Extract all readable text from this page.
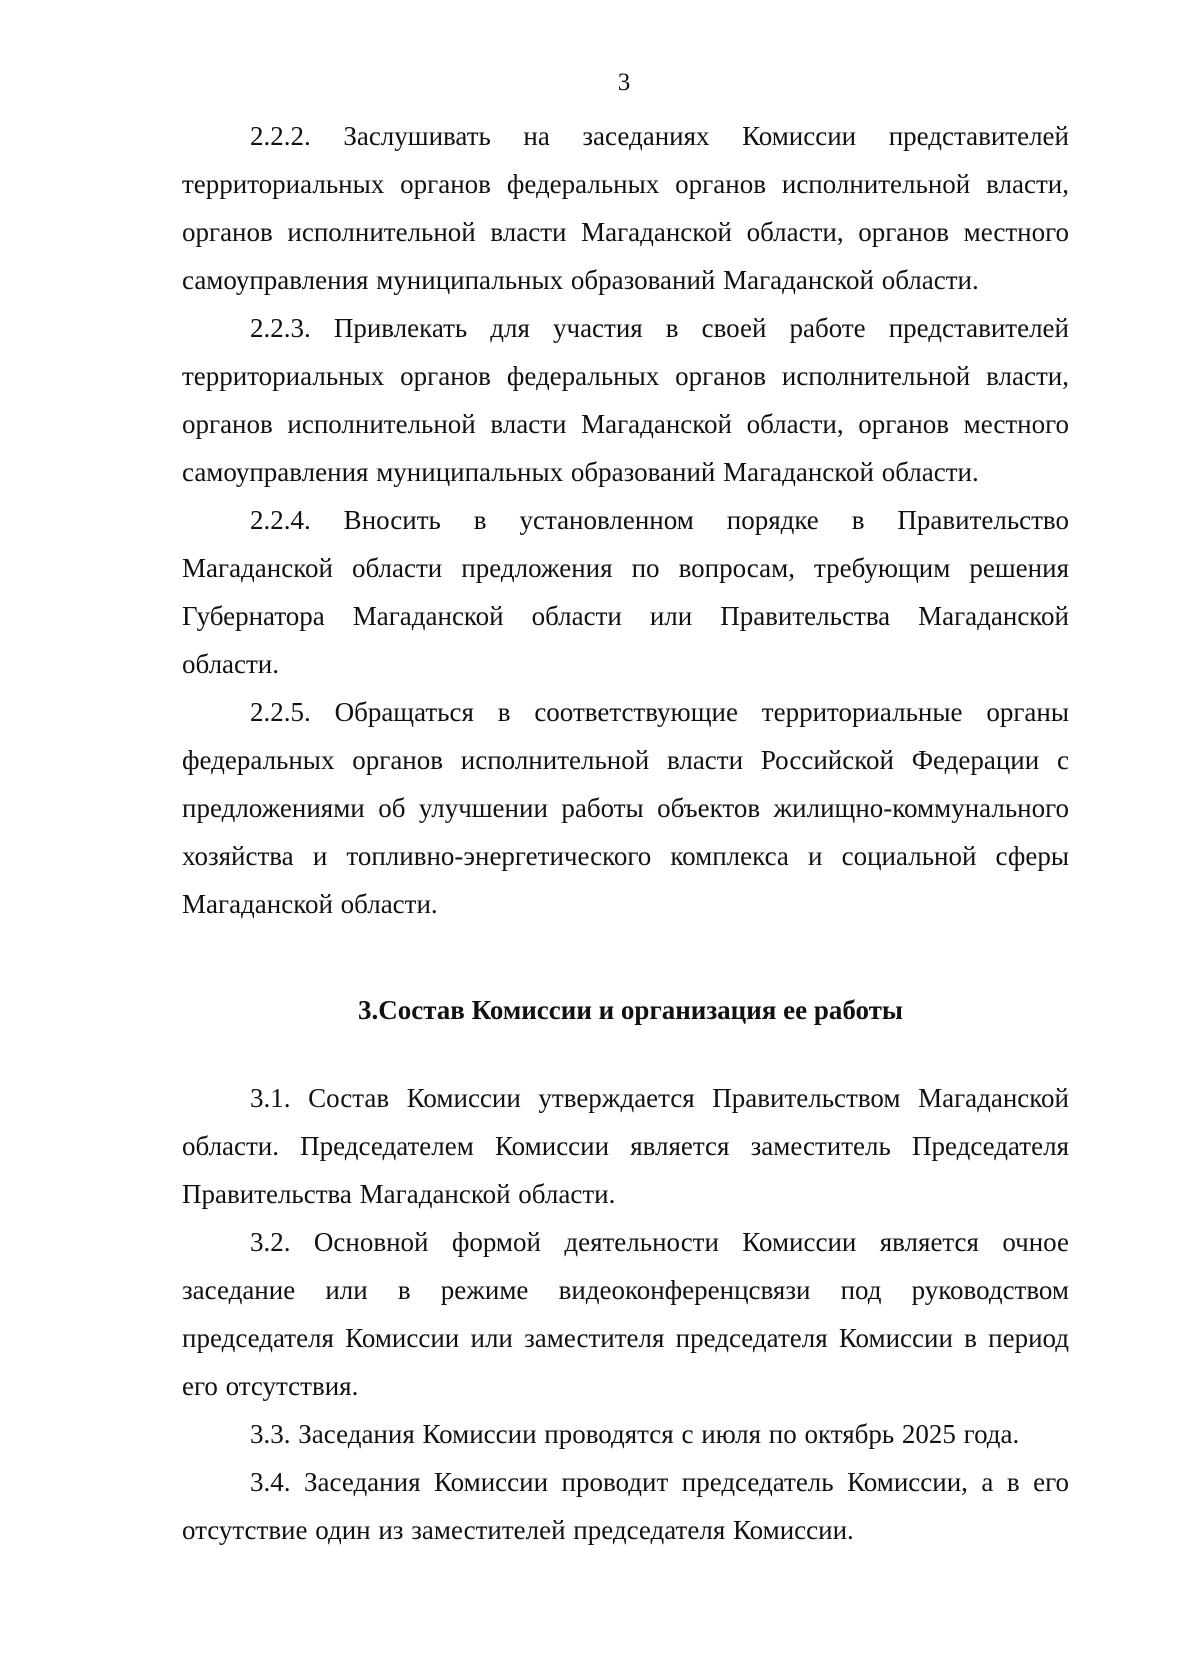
3

2.2.2. Заслушивать на заседаниях Комиссии представителей территориальных органов федеральных органов исполнительной власти, органов исполнительной власти Магаданской области, органов местного самоуправления муниципальных образований Магаданской области.

2.2.3. Привлекать для участия в своей работе представителей территориальных органов федеральных органов исполнительной власти, органов исполнительной власти Магаданской области, органов местного самоуправления муниципальных образований Магаданской области.

2.2.4. Вносить в установленном порядке в Правительство Магаданской области предложения по вопросам, требующим решения Губернатора Магаданской области или Правительства Магаданской области.

2.2.5. Обращаться в соответствующие территориальные органы федеральных органов исполнительной власти Российской Федерации с предложениями об улучшении работы объектов жилищно-коммунального хозяйства и топливно-энергетического комплекса и социальной сферы Магаданской области.

3.Состав Комиссии и организация ее работы

3.1. Состав Комиссии утверждается Правительством Магаданской области. Председателем Комиссии является заместитель Председателя Правительства Магаданской области.

3.2. Основной формой деятельности Комиссии является очное заседание или в режиме видеоконференцсвязи под руководством председателя Комиссии или заместителя председателя Комиссии в период его отсутствия.

3.3. Заседания Комиссии проводятся с июля по октябрь 2025 года.

3.4. Заседания Комиссии проводит председатель Комиссии, а в его отсутствие один из заместителей председателя Комиссии.
